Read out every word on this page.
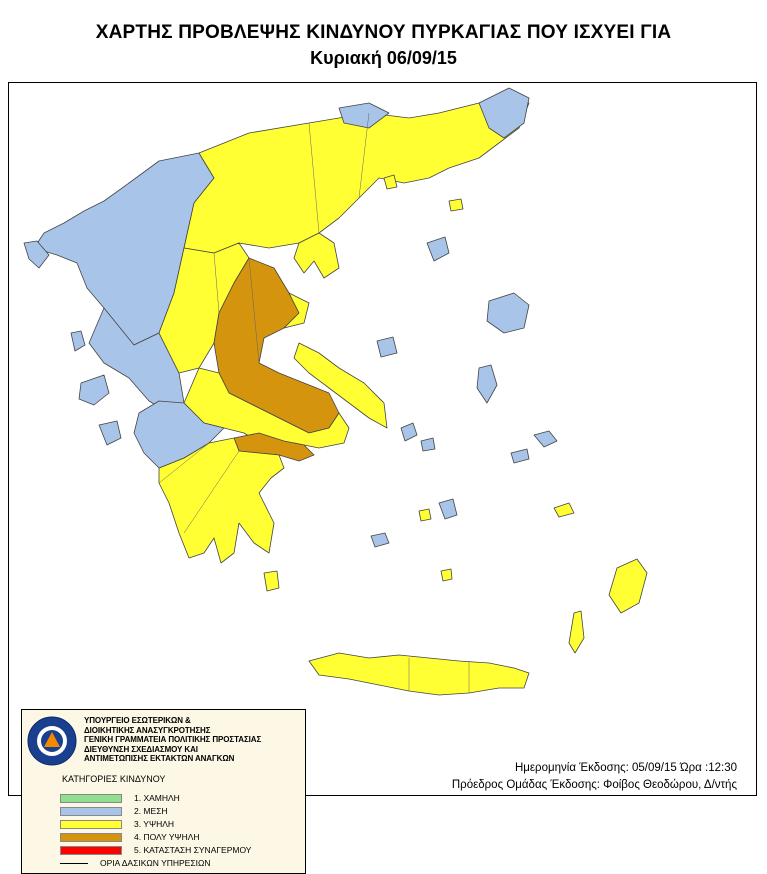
ΧΑΡΤΗΣ ΠΡΟΒΛΕΨΗΣ ΚΙΝΔΥΝΟΥ ΠΥΡΚΑΓΙΑΣ ΠΟΥ ΙΣΧΥΕΙ ΓΙΑ
Κυριακή 06/09/15
ΥΠΟΥΡΓΕΙΟ ΕΣΩΤΕΡΙΚΩΝ &
ΔΙΟΙΚΗΤΙΚΗΣ ΑΝΑΣΥΓΚΡΟΤΗΣΗΣ
ΓΕΝΙΚΗ ΓΡΑΜΜΑΤΕΙΑ ΠΟΛΙΤΙΚΗΣ ΠΡΟΣΤΑΣΙΑΣ
ΔΙΕΥΘΥΝΣΗ ΣΧΕΔΙΑΣΜΟΥ ΚΑΙ
ΑΝΤΙΜΕΤΩΠΙΣΗΣ ΕΚΤΑΚΤΩΝ ΑΝΑΓΚΩΝ
ΚΑΤΗΓΟΡΙΕΣ ΚΙΝΔΥΝΟΥ
1. ΧΑΜΗΛΗ
2. ΜΕΣΗ
3. ΥΨΗΛΗ
4. ΠΟΛΥ ΥΨΗΛΗ
5. ΚΑΤΑΣΤΑΣΗ ΣΥΝΑΓΕΡΜΟΥ
ΟΡΙΑ ΔΑΣΙΚΩΝ ΥΠΗΡΕΣΙΩΝ
Ημερομηνία Έκδοσης: 05/09/15 Ώρα :12:30
Πρόεδρος Ομάδας Έκδοσης: Φοίβος Θεοδώρου, Δ/ντής
